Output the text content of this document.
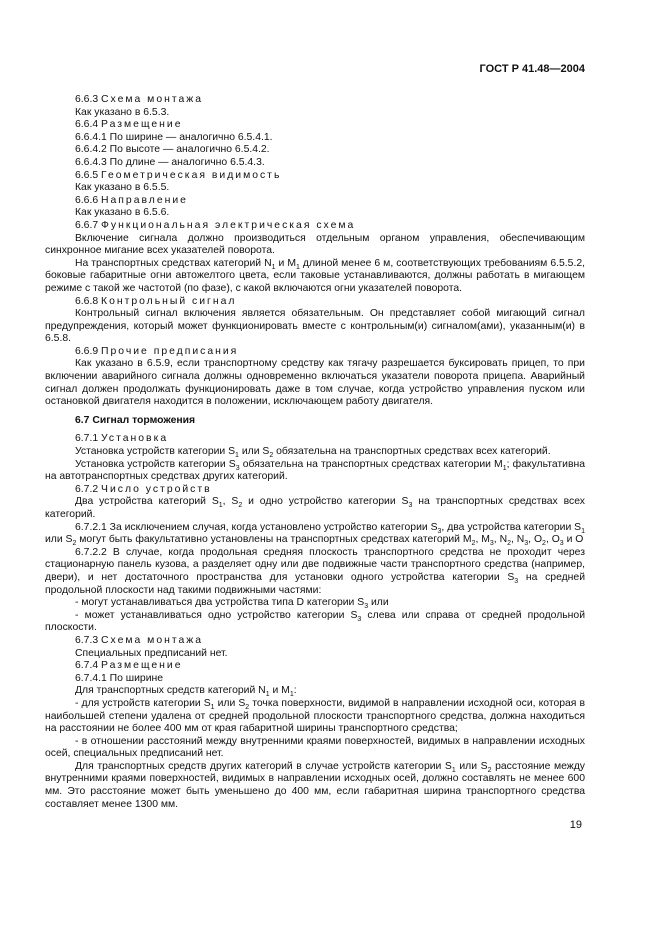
ГОСТ Р 41.48—2004

6.6.3 Схема монтажа

Как указано в 6.5.3.

6.6.4 Размещение

6.6.4.1 По ширине — аналогично 6.5.4.1.

6.6.4.2 По высоте — аналогично 6.5.4.2.

6.6.4.3 По длине — аналогично 6.5.4.3.

6.6.5 Геометрическая видимость

Как указано в 6.5.5.

6.6.6 Направление

Как указано в 6.5.6.

6.6.7 Функциональная электрическая схема

Включение сигнала должно производиться отдельным органом управления, обеспечивающим синхронное мигание всех указателей поворота.

На транспортных средствах категорий $N_1$ и $M_1$ длиной менее 6 м, соответствующих требованиям 6.5.5.2, боковые габаритные огни автожелтого цвета, если таковые устанавливаются, должны работать в мигающем режиме с такой же частотой (по фазе), с какой включаются огни указателей поворота.

6.6.8 Контрольный сигнал

Контрольный сигнал включения является обязательным. Он представляет собой мигающий сигнал предупреждения, который может функционировать вместе с контрольным(и) сигналом(ами), указанным(и) в 6.5.8.

6.6.9 Прочие предписания

Как указано в 6.5.9, если транспортному средству как тягачу разрешается буксировать прицеп, то при включении аварийного сигнала должны одновременно включаться указатели поворота прицепа. Аварийный сигнал должен продолжать функционировать даже в том случае, когда устройство управления пуском или остановкой двигателя находится в положении, исключающем работу двигателя.

6.7 Сигнал торможения

6.7.1 Установка

Установка устройств категории $S_1$ или $S_2$ обязательна на транспортных средствах всех категорий.

Установка устройств категории $S_3$ обязательна на транспортных средствах категории $M_1$; факультативна на автотранспортных средствах других категорий.

6.7.2 Число устройств

Два устройства категорий $S_1$, $S_2$ и одно устройство категории $S_3$ на транспортных средствах всех категорий.

6.7.2.1 За исключением случая, когда установлено устройство категории $S_3$, два устройства категории $S_1$ или $S_2$ могут быть факультативно установлены на транспортных средствах категорий $M_2$, $M_3$, $N_2$, $N_3$, $O_2$, $O_3$ и O

6.7.2.2 В случае, когда продольная средняя плоскость транспортного средства не проходит через стационарную панель кузова, а разделяет одну или две подвижные части транспортного средства (например, двери), и нет достаточного пространства для установки одного устройства категории $S_3$ на средней продольной плоскости над такими подвижными частями:

- могут устанавливаться два устройства типа D категории $S_3$ или

- может устанавливаться одно устройство категории $S_3$ слева или справа от средней продольной плоскости.

6.7.3 Схема монтажа

Специальных предписаний нет.

6.7.4 Размещение

6.7.4.1 По ширине

Для транспортных средств категорий $N_1$ и $M_1$:

- для устройств категории $S_1$ или $S_2$ точка поверхности, видимой в направлении исходной оси, которая в наибольшей степени удалена от средней продольной плоскости транспортного средства, должна находиться на расстоянии не более 400 мм от края габаритной ширины транспортного средства;

- в отношении расстояний между внутренними краями поверхностей, видимых в направлении исходных осей, специальных предписаний нет.

Для транспортных средств других категорий в случае устройств категории $S_1$ или $S_2$ расстояние между внутренними краями поверхностей, видимых в направлении исходных осей, должно составлять не менее 600 мм. Это расстояние может быть уменьшено до 400 мм, если габаритная ширина транспортного средства составляет менее 1300 мм.

19
